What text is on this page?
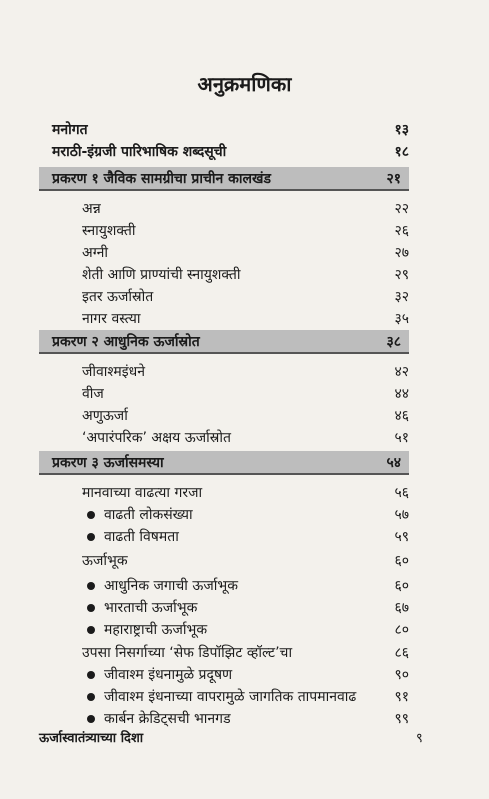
अनुक्रमणिका
मनोगत	१३
मराठी-इंग्रजी पारिभाषिक शब्दसूची	१८
प्रकरण १ जैविक सामग्रीचा प्राचीन कालखंड	२१
अन्न	२२
स्नायुशक्ती	२६
अग्नी	२७
शेती आणि प्राण्यांची स्नायुशक्ती	२९
इतर ऊर्जास्रोत	३२
नागर वस्त्या	३५
प्रकरण २ आधुनिक ऊर्जास्रोत	३८
जीवाश्मइंधने	४२
वीज	४४
अणुऊर्जा	४६
‘अपारंपरिक’ अक्षय ऊर्जास्रोत	५१
प्रकरण ३ ऊर्जासमस्या	५४
मानवाच्या वाढत्या गरजा	५६
वाढती लोकसंख्या	५७
वाढती विषमता	५९
ऊर्जाभूक	६०
आधुनिक जगाची ऊर्जाभूक	६०
भारताची ऊर्जाभूक	६७
महाराष्ट्राची ऊर्जाभूक	८०
उपसा निसर्गाच्या ‘सेफ डिपॉझिट व्हॉल्ट’चा	८६
जीवाश्म इंधनामुळे प्रदूषण	९०
जीवाश्म इंधनाच्या वापरामुळे जागतिक तापमानवाढ	९१
कार्बन क्रेडिट्सची भानगड	९९
ऊर्जास्वातंत्र्याच्या दिशा	९
